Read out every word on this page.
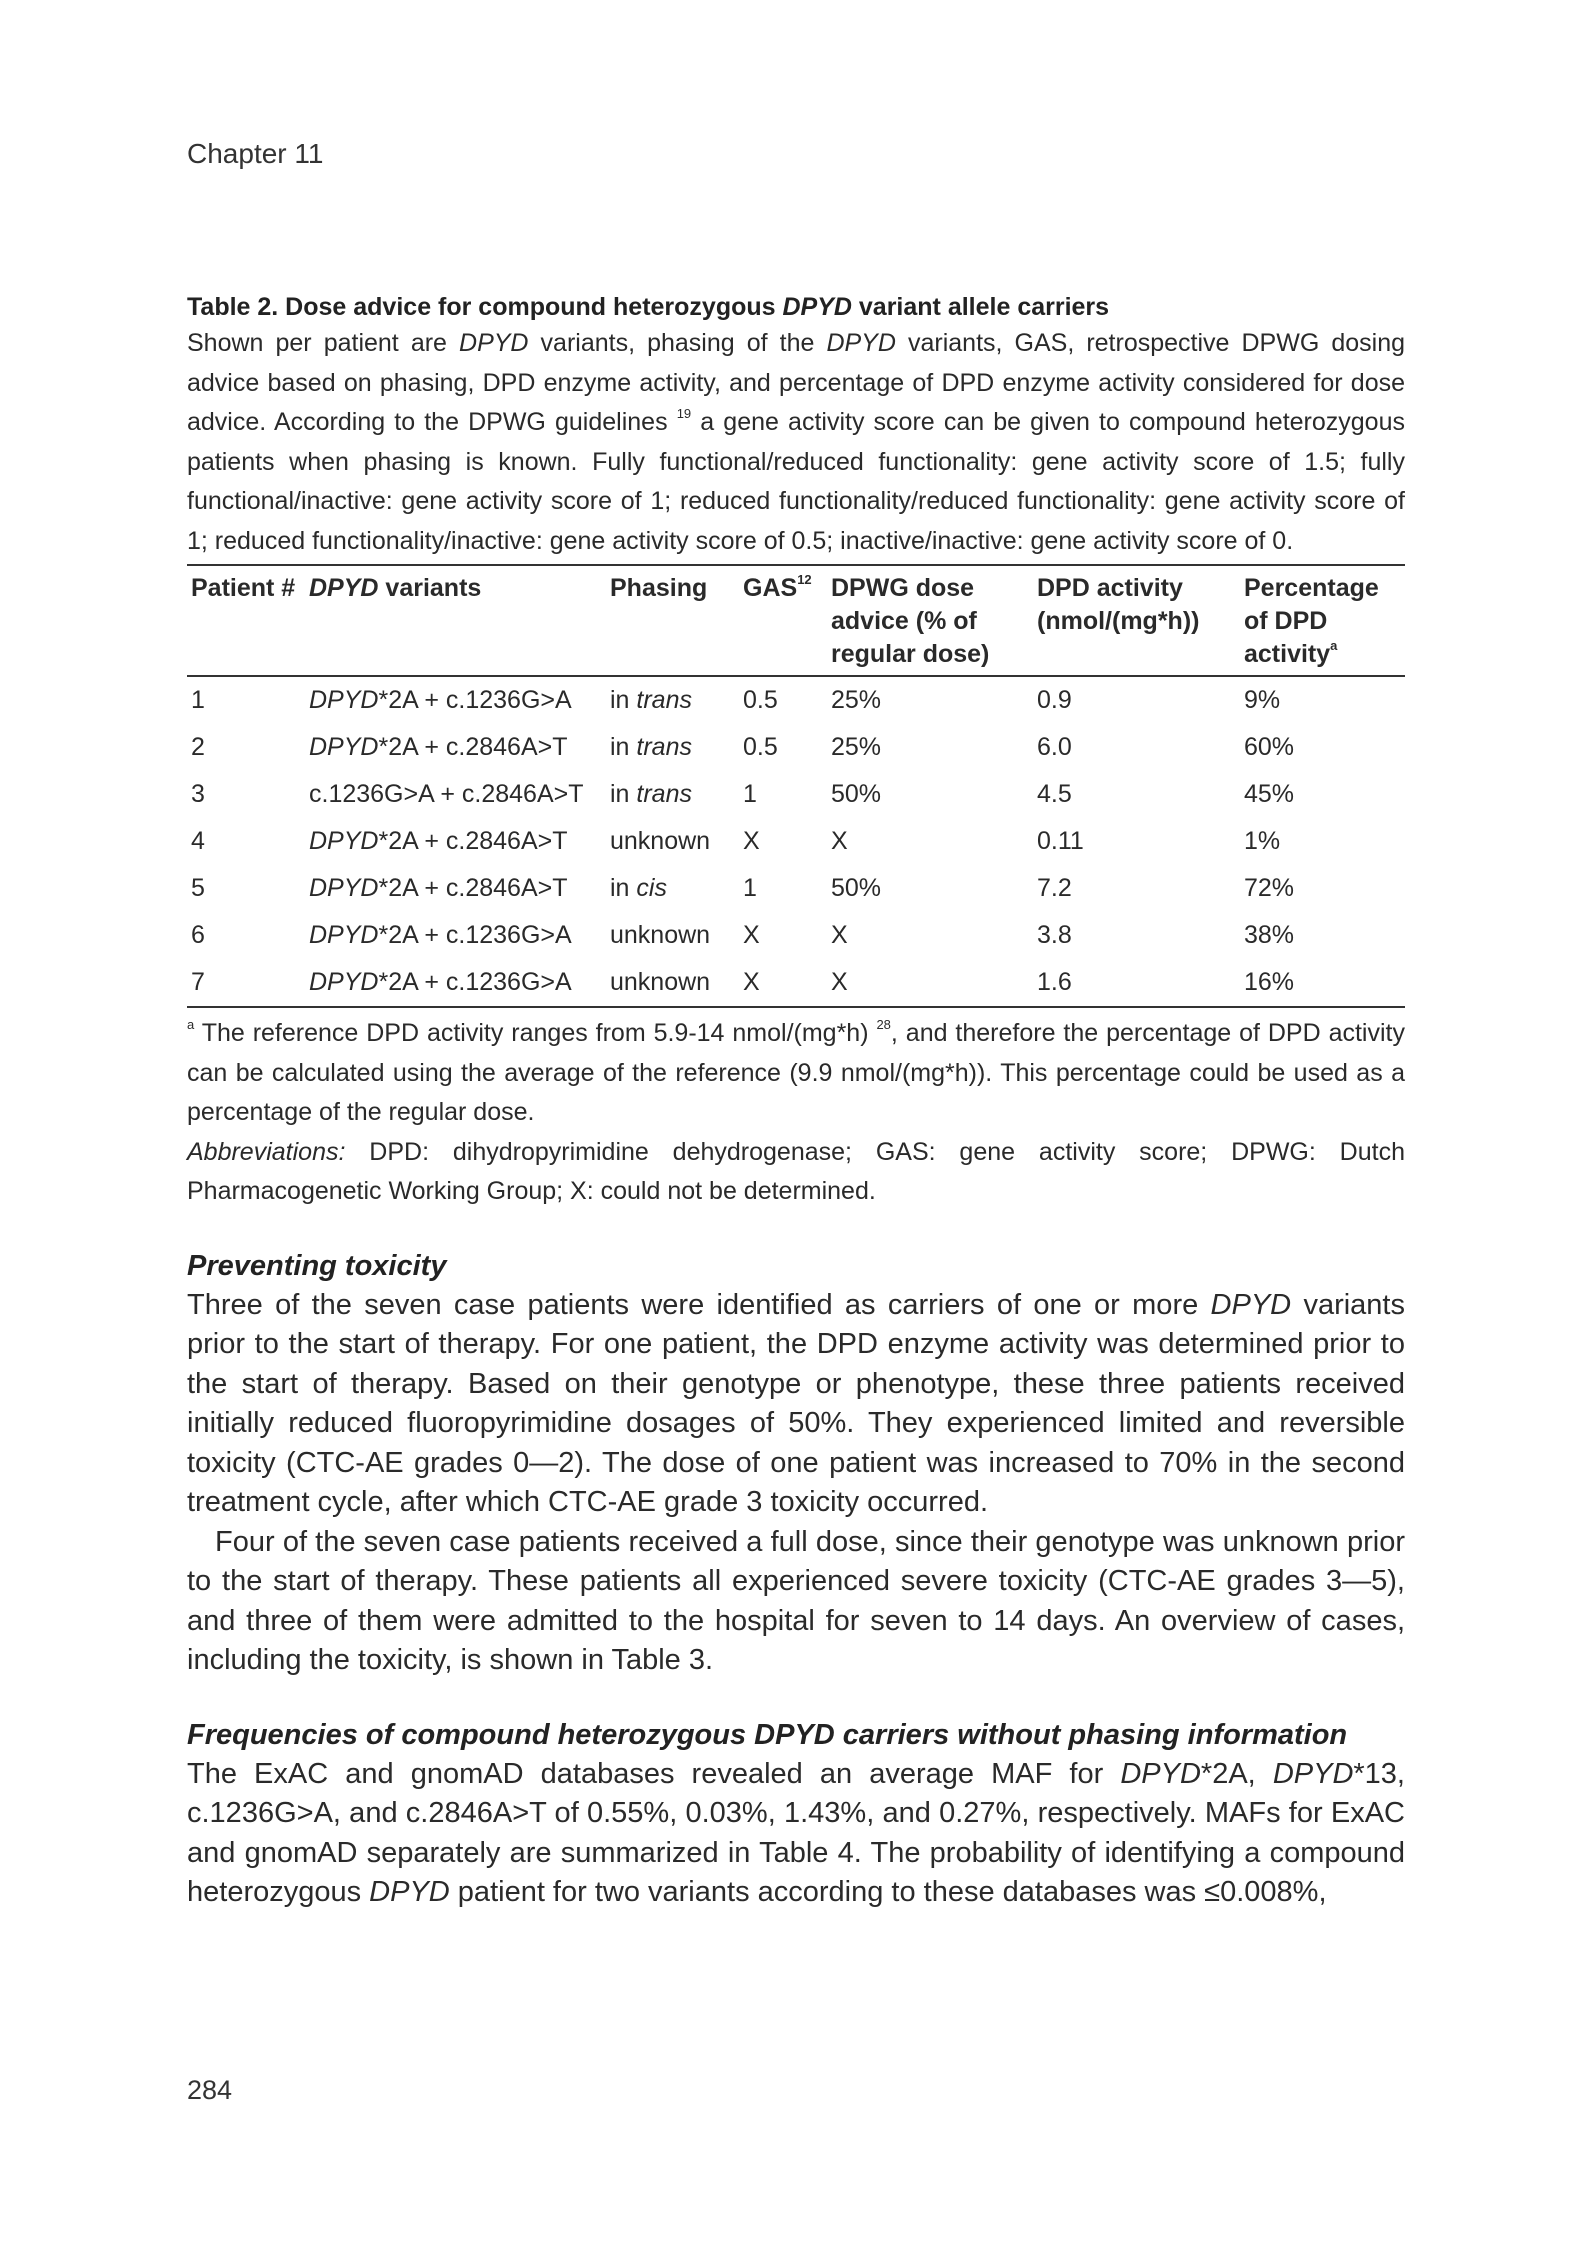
Chapter 11

Table 2. Dose advice for compound heterozygous DPYD variant allele carriers

Shown per patient are DPYD variants, phasing of the DPYD variants, GAS, retrospective DPWG dosing advice based on phasing, DPD enzyme activity, and percentage of DPD enzyme activity considered for dose advice. According to the DPWG guidelines $^{19}$ a gene activity score can be given to compound heterozygous patients when phasing is known. Fully functional/reduced functionality: gene activity score of 1.5; fully functional/inactive: gene activity score of 1; reduced functionality/reduced functionality: gene activity score of 1; reduced functionality/inactive: gene activity score of 0.5; inactive/inactive: gene activity score of 0.

Patient #	DPYD variants	Phasing	GAS$^{12}$	DPWG dose advice (% of regular dose)	DPD activity (nmol/(mg*h))	Percentage of DPD activity$^a$
1	DPYD*2A + c.1236G>A	in trans	0.5	25%	0.9	9%
2	DPYD*2A + c.2846A>T	in trans	0.5	25%	6.0	60%
3	c.1236G>A + c.2846A>T	in trans	1	50%	4.5	45%
4	DPYD*2A + c.2846A>T	unknown	X	X	0.11	1%
5	DPYD*2A + c.2846A>T	in cis	1	50%	7.2	72%
6	DPYD*2A + c.1236G>A	unknown	X	X	3.8	38%
7	DPYD*2A + c.1236G>A	unknown	X	X	1.6	16%

$^a$ The reference DPD activity ranges from 5.9-14 nmol/(mg*h) $^{28}$, and therefore the percentage of DPD activity can be calculated using the average of the reference (9.9 nmol/(mg*h)). This percentage could be used as a percentage of the regular dose.

Abbreviations: DPD: dihydropyrimidine dehydrogenase; GAS: gene activity score; DPWG: Dutch Pharmacogenetic Working Group; X: could not be determined.

Preventing toxicity

Three of the seven case patients were identified as carriers of one or more DPYD variants prior to the start of therapy. For one patient, the DPD enzyme activity was determined prior to the start of therapy. Based on their genotype or phenotype, these three patients received initially reduced fluoropyrimidine dosages of 50%. They experienced limited and reversible toxicity (CTC-AE grades 0—2). The dose of one patient was increased to 70% in the second treatment cycle, after which CTC-AE grade 3 toxicity occurred.

Four of the seven case patients received a full dose, since their genotype was unknown prior to the start of therapy. These patients all experienced severe toxicity (CTC-AE grades 3—5), and three of them were admitted to the hospital for seven to 14 days. An overview of cases, including the toxicity, is shown in Table 3.

Frequencies of compound heterozygous DPYD carriers without phasing information

The ExAC and gnomAD databases revealed an average MAF for DPYD*2A, DPYD*13, c.1236G>A, and c.2846A>T of 0.55%, 0.03%, 1.43%, and 0.27%, respectively. MAFs for ExAC and gnomAD separately are summarized in Table 4. The probability of identifying a compound heterozygous DPYD patient for two variants according to these databases was ≤0.008%,

284
